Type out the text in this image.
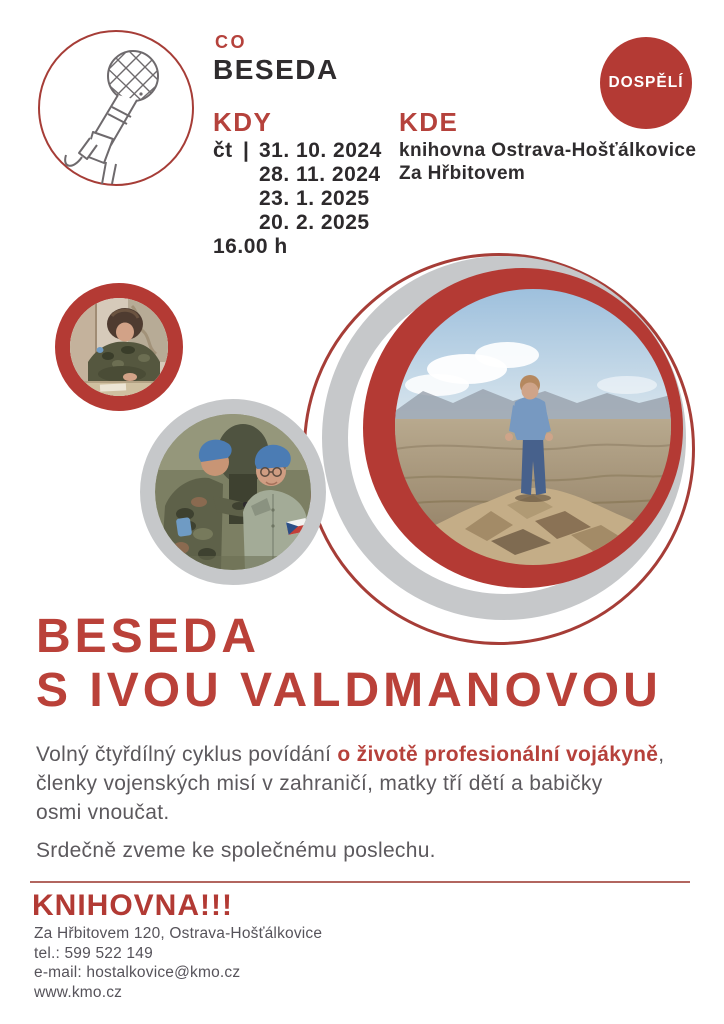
CO
BESEDA
KDY
čt | 31. 10. 2024
28. 11. 2024
23. 1. 2025
20. 2. 2025
16.00 h
KDE
knihovna Ostrava-Hošťálkovice
Za Hřbitovem
DOSPĚLÍ
BESEDA
S IVOU VALDMANOVOU
Volný čtyřdílný cyklus povídání o životě profesionální vojákyně,
členky vojenských misí v zahraničí, matky tří dětí a babičky
osmi vnoučat.
Srdečně zveme ke společnému poslechu.
KNIHOVNA!!!
Za Hřbitovem 120, Ostrava-Hošťálkovice
tel.: 599 522 149
e-mail: hostalkovice@kmo.cz
www.kmo.cz
